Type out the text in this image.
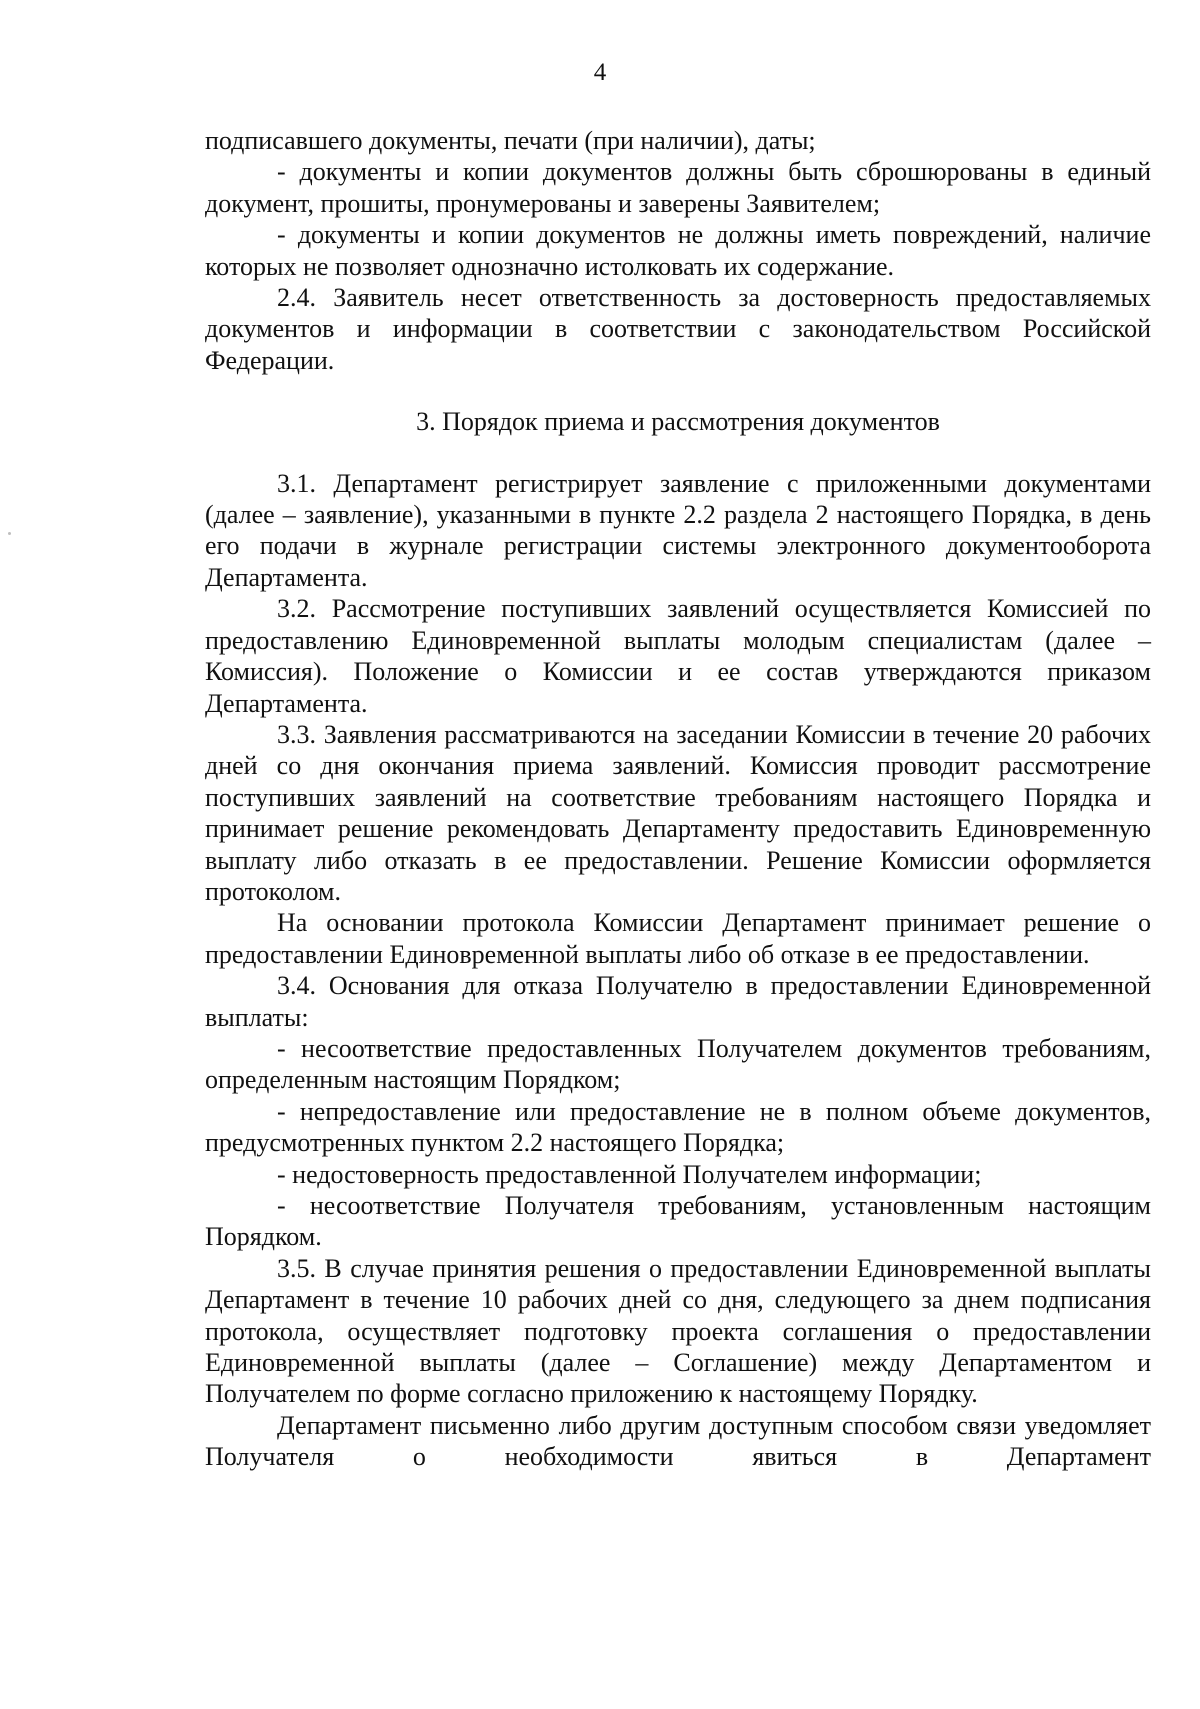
4

подписавшего документы, печати (при наличии), даты;

- документы и копии документов должны быть сброшюрованы в единый документ, прошиты, пронумерованы и заверены Заявителем;

- документы и копии документов не должны иметь повреждений, наличие которых не позволяет однозначно истолковать их содержание.

2.4. Заявитель несет ответственность за достоверность предоставляемых документов и информации в соответствии с законодательством Российской Федерации.

3. Порядок приема и рассмотрения документов

3.1. Департамент регистрирует заявление с приложенными документами (далее – заявление), указанными в пункте 2.2 раздела 2 настоящего Порядка, в день его подачи в журнале регистрации системы электронного документооборота Департамента.

3.2. Рассмотрение поступивших заявлений осуществляется Комиссией по предоставлению Единовременной выплаты молодым специалистам (далее – Комиссия). Положение о Комиссии и ее состав утверждаются приказом Департамента.

3.3. Заявления рассматриваются на заседании Комиссии в течение 20 рабочих дней со дня окончания приема заявлений. Комиссия проводит рассмотрение поступивших заявлений на соответствие требованиям настоящего Порядка и принимает решение рекомендовать Департаменту предоставить Единовременную выплату либо отказать в ее предоставлении. Решение Комиссии оформляется протоколом.

На основании протокола Комиссии Департамент принимает решение о предоставлении Единовременной выплаты либо об отказе в ее предоставлении.

3.4. Основания для отказа Получателю в предоставлении Единовременной выплаты:

- несоответствие предоставленных Получателем документов требованиям, определенным настоящим Порядком;

- непредоставление или предоставление не в полном объеме документов, предусмотренных пунктом 2.2 настоящего Порядка;

- недостоверность предоставленной Получателем информации;

- несоответствие Получателя требованиям, установленным настоящим Порядком.

3.5. В случае принятия решения о предоставлении Единовременной выплаты Департамент в течение 10 рабочих дней со дня, следующего за днем подписания протокола, осуществляет подготовку проекта соглашения о предоставлении Единовременной выплаты (далее – Соглашение) между Департаментом и Получателем по форме согласно приложению к настоящему Порядку.

Департамент письменно либо другим доступным способом связи уведомляет Получателя о необходимости явиться в Департамент
